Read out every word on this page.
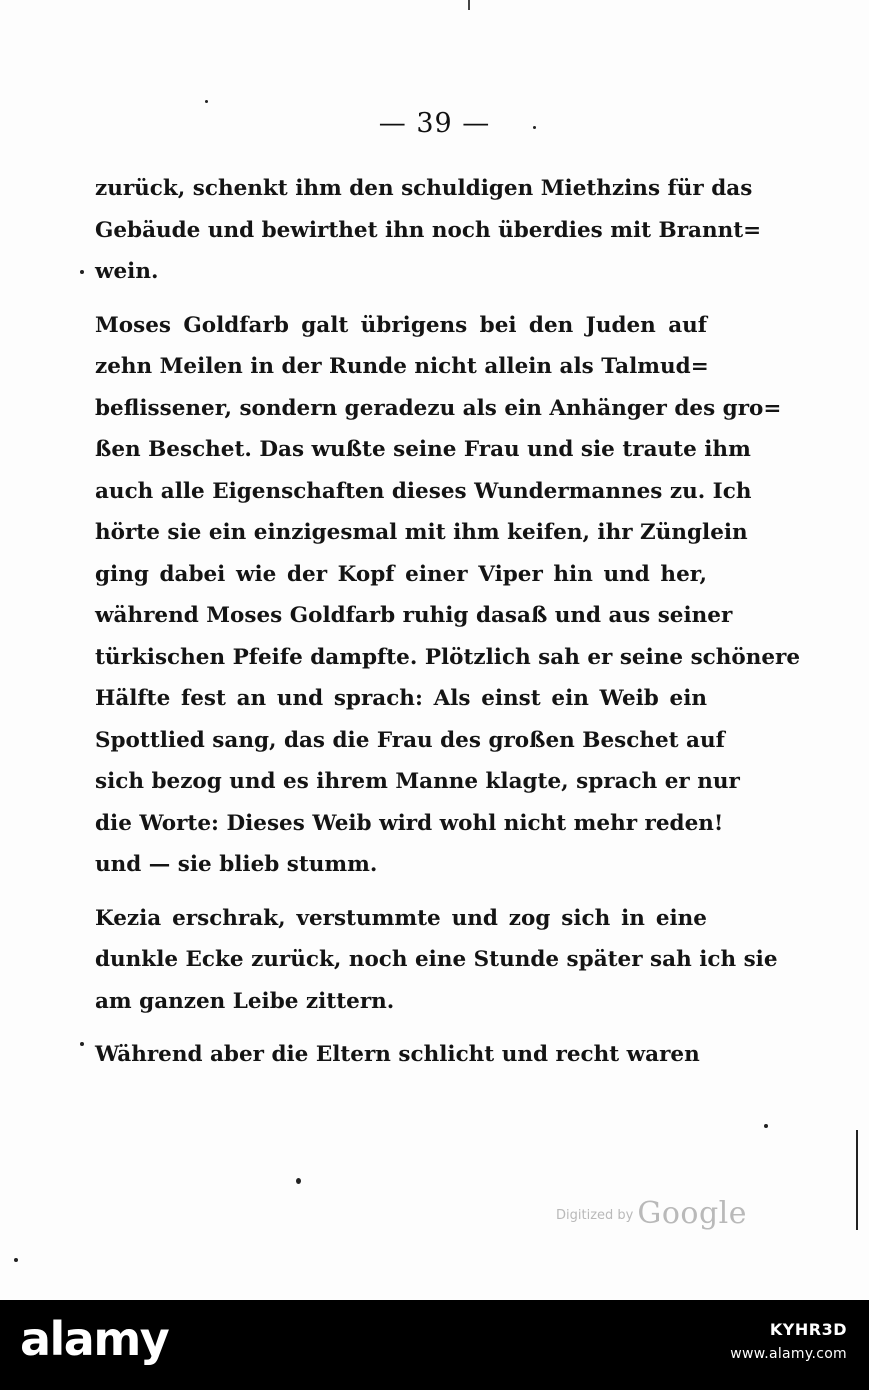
— 39 —
zurück, schenkt ihm den schuldigen Miethzins für das
Gebäude und bewirthet ihn noch überdies mit Brannt=
wein.
Moses Goldfarb galt übrigens bei den Juden auf
zehn Meilen in der Runde nicht allein als Talmud=
beflissener, sondern geradezu als ein Anhänger des gro=
ßen Beschet. Das wußte seine Frau und sie traute ihm
auch alle Eigenschaften dieses Wundermannes zu. Ich
hörte sie ein einzigesmal mit ihm keifen, ihr Zünglein
ging dabei wie der Kopf einer Viper hin und her,
während Moses Goldfarb ruhig dasaß und aus seiner
türkischen Pfeife dampfte. Plötzlich sah er seine schönere
Hälfte fest an und sprach: Als einst ein Weib ein
Spottlied sang, das die Frau des großen Beschet auf
sich bezog und es ihrem Manne klagte, sprach er nur
die Worte: Dieses Weib wird wohl nicht mehr reden!
und — sie blieb stumm.
Kezia erschrak, verstummte und zog sich in eine
dunkle Ecke zurück, noch eine Stunde später sah ich sie
am ganzen Leibe zittern.
Während aber die Eltern schlicht und recht waren
$^{Digitized by}$ Google
alamy	KYHR3D
www.alamy.com
